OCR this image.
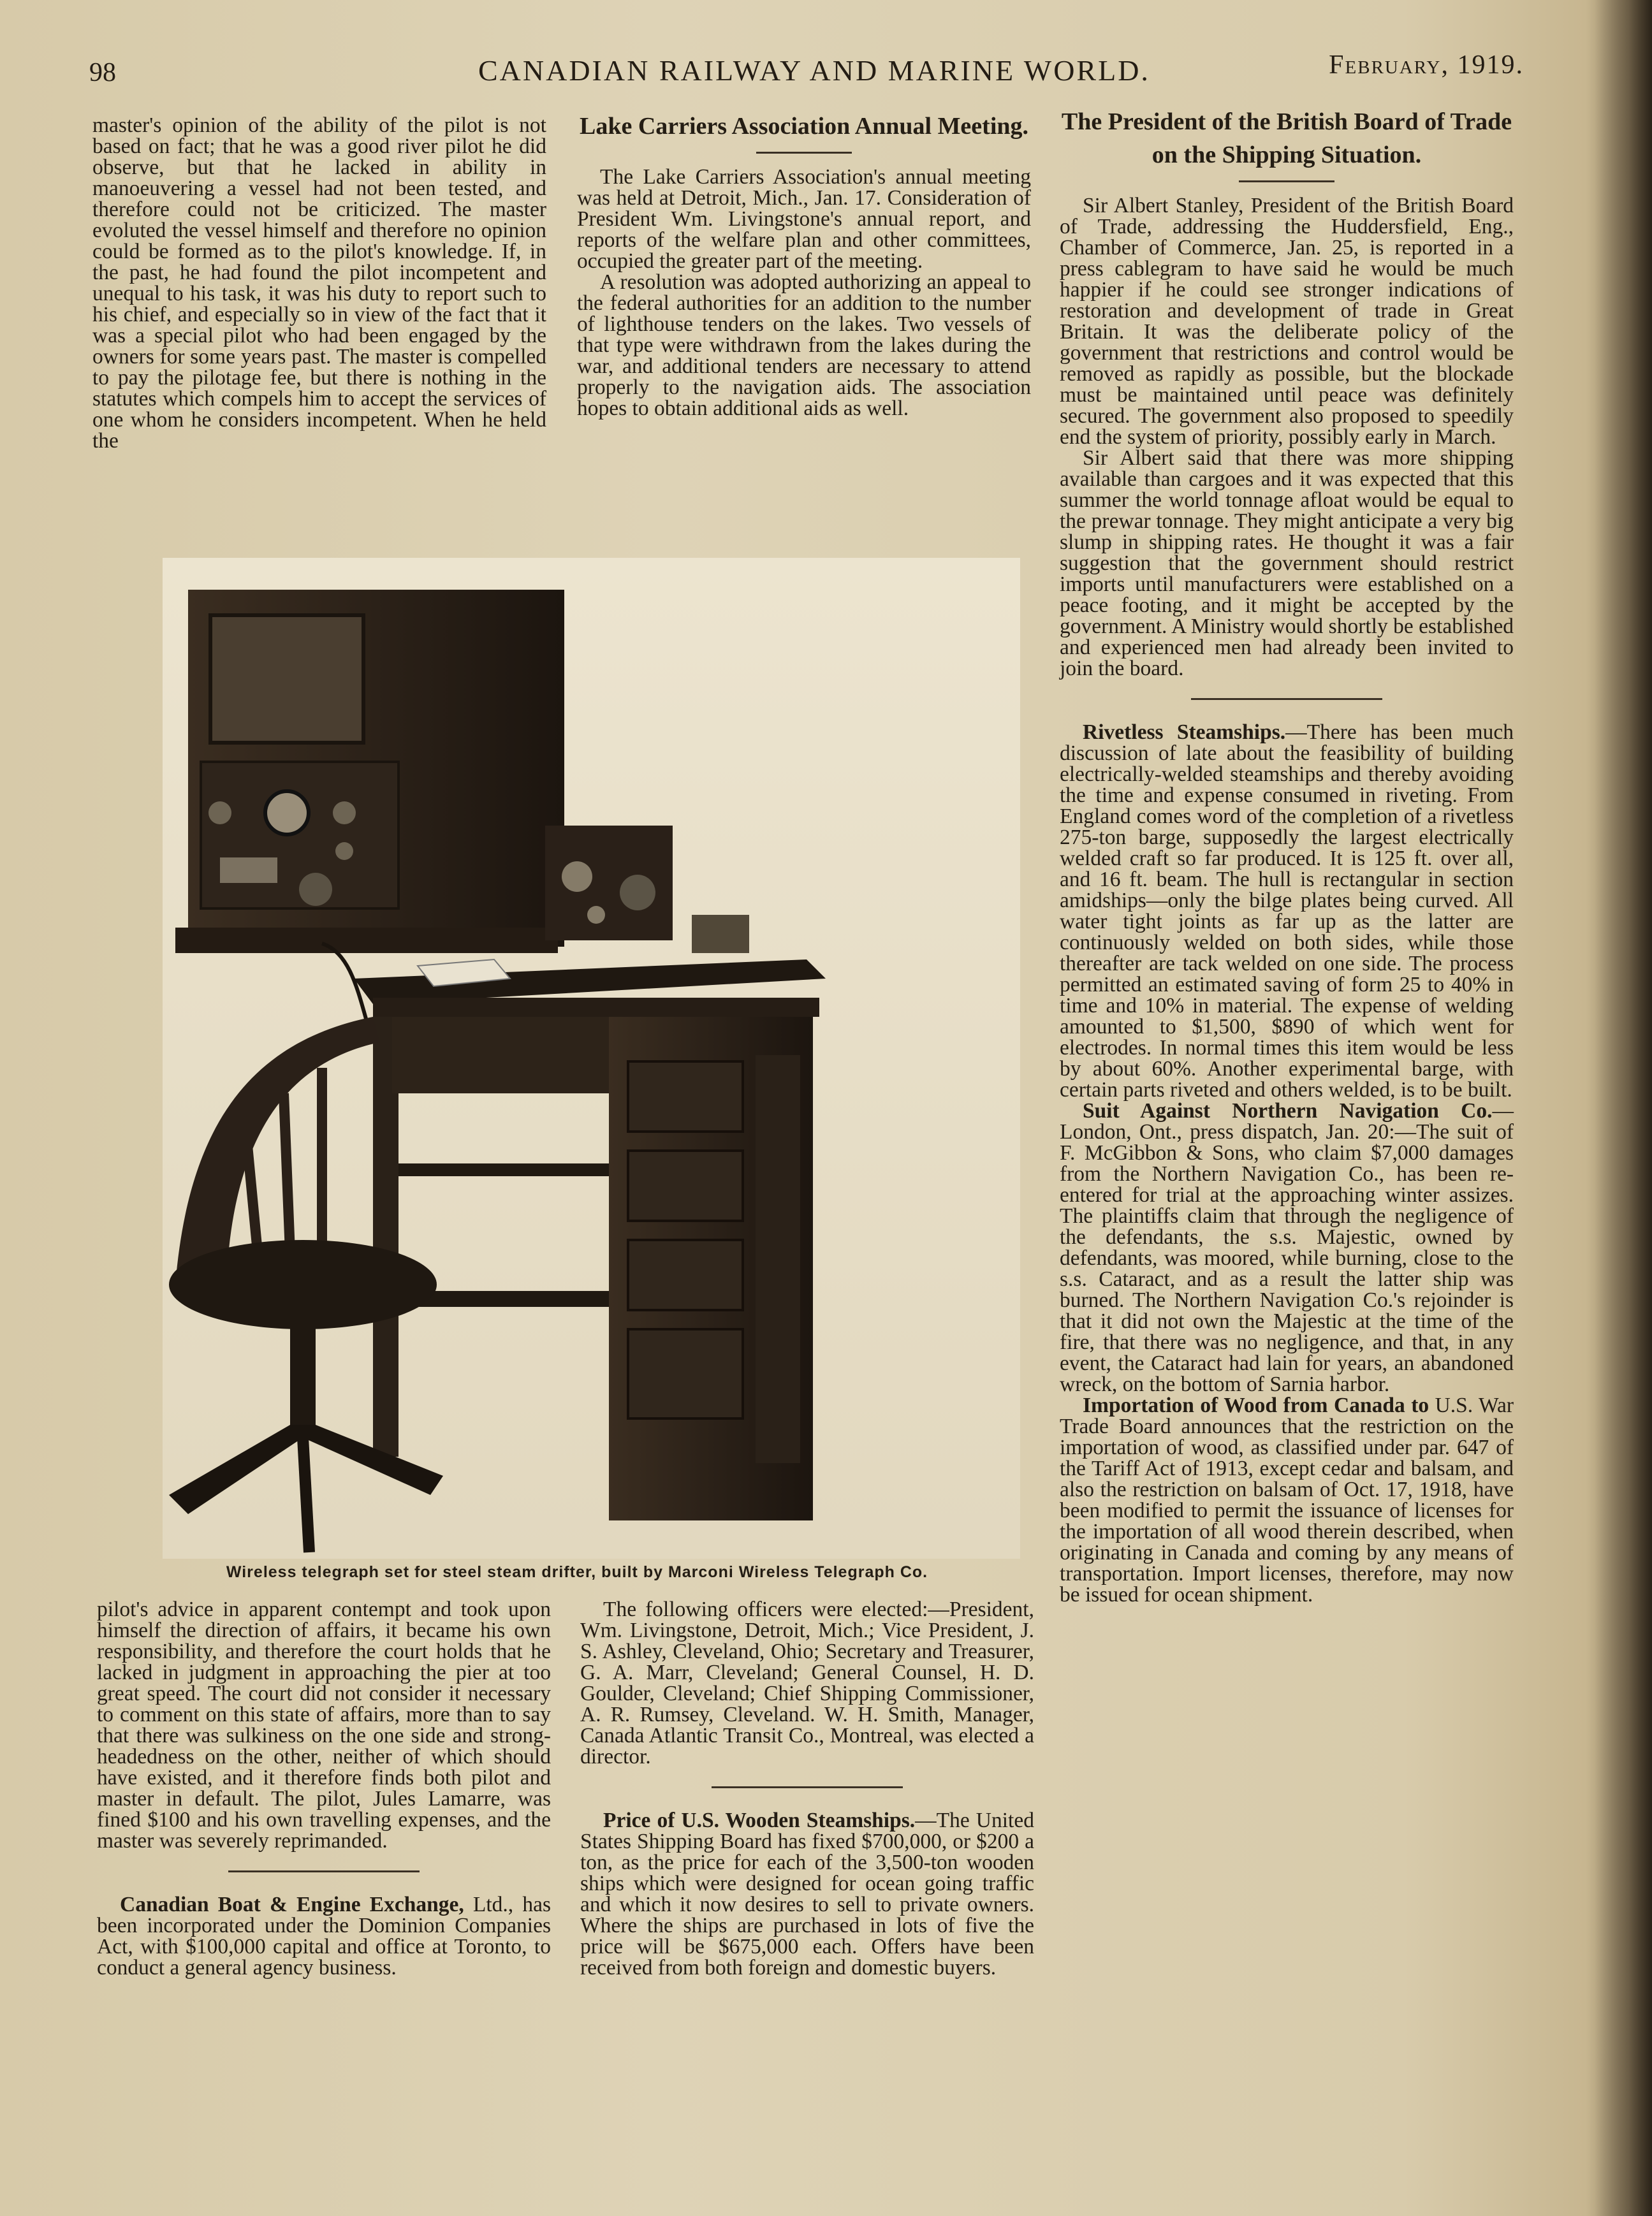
98	CANADIAN RAILWAY AND MARINE WORLD.	February, 1919.

master's opinion of the ability of the pilot is not based on fact; that he was a good river pilot he did observe, but that he lacked in ability in manoeuvering a vessel had not been tested, and therefore could not be criticized. The master evoluted the vessel himself and therefore no opinion could be formed as to the pilot's knowledge. If, in the past, he had found the pilot incompetent and unequal to his task, it was his duty to report such to his chief, and especially so in view of the fact that it was a special pilot who had been engaged by the owners for some years past. The master is compelled to pay the pilotage fee, but there is nothing in the statutes which compels him to accept the services of one whom he considers incompetent. When he held the

Lake Carriers Association Annual Meeting.

The Lake Carriers Association's annual meeting was held at Detroit, Mich., Jan. 17. Consideration of President Wm. Livingstone's annual report, and reports of the welfare plan and other committees, occupied the greater part of the meeting.

A resolution was adopted authorizing an appeal to the federal authorities for an addition to the number of lighthouse tenders on the lakes. Two vessels of that type were withdrawn from the lakes during the war, and additional tenders are necessary to attend properly to the navigation aids. The association hopes to obtain additional aids as well.

The President of the British Board of Trade on the Shipping Situation.

Sir Albert Stanley, President of the British Board of Trade, addressing the Huddersfield, Eng., Chamber of Commerce, Jan. 25, is reported in a press cablegram to have said he would be much happier if he could see stronger indications of restoration and development of trade in Great Britain. It was the deliberate policy of the government that restrictions and control would be removed as rapidly as possible, but the blockade must be maintained until peace was definitely secured. The government also proposed to speedily end the system of priority, possibly early in March.

Sir Albert said that there was more shipping available than cargoes and it was expected that this summer the world tonnage afloat would be equal to the prewar tonnage. They might anticipate a very big slump in shipping rates. He thought it was a fair suggestion that the government should restrict imports until manufacturers were established on a peace footing, and it might be accepted by the government. A Ministry would shortly be established and experienced men had already been invited to join the board.

Rivetless Steamships.—There has been much discussion of late about the feasibility of building electrically-welded steamships and thereby avoiding the time and expense consumed in riveting. From England comes word of the completion of a rivetless 275-ton barge, supposedly the largest electrically welded craft so far produced. It is 125 ft. over all, and 16 ft. beam. The hull is rectangular in section amidships—only the bilge plates being curved. All water tight joints as far up as the latter are continuously welded on both sides, while those thereafter are tack welded on one side. The process permitted an estimated saving of form 25 to 40% in time and 10% in material. The expense of welding amounted to $1,500, $890 of which went for electrodes. In normal times this item would be less by about 60%. Another experimental barge, with certain parts riveted and others welded, is to be built.

Suit Against Northern Navigation Co.—London, Ont., press dispatch, Jan. 20:—The suit of F. McGibbon & Sons, who claim $7,000 damages from the Northern Navigation Co., has been re-entered for trial at the approaching winter assizes. The plaintiffs claim that through the negligence of the defendants, the s.s. Majestic, owned by defendants, was moored, while burning, close to the s.s. Cataract, and as a result the latter ship was burned. The Northern Navigation Co.'s rejoinder is that it did not own the Majestic at the time of the fire, that there was no negligence, and that, in any event, the Cataract had lain for years, an abandoned wreck, on the bottom of Sarnia harbor.

Importation of Wood from Canada to U.S. War Trade Board announces that the restriction on the importation of wood, as classified under par. 647 of the Tariff Act of 1913, except cedar and balsam, and also the restriction on balsam of Oct. 17, 1918, have been modified to permit the issuance of licenses for the importation of all wood therein described, when originating in Canada and coming by any means of transportation. Import licenses, therefore, may now be issued for ocean shipment.

Wireless telegraph set for steel steam drifter, built by Marconi Wireless Telegraph Co.

pilot's advice in apparent contempt and took upon himself the direction of affairs, it became his own responsibility, and therefore the court holds that he lacked in judgment in approaching the pier at too great speed. The court did not consider it necessary to comment on this state of affairs, more than to say that there was sulkiness on the one side and strong-headedness on the other, neither of which should have existed, and it therefore finds both pilot and master in default. The pilot, Jules Lamarre, was fined $100 and his own travelling expenses, and the master was severely reprimanded.

Canadian Boat & Engine Exchange, Ltd., has been incorporated under the Dominion Companies Act, with $100,000 capital and office at Toronto, to conduct a general agency business.

The following officers were elected:—President, Wm. Livingstone, Detroit, Mich.; Vice President, J. S. Ashley, Cleveland, Ohio; Secretary and Treasurer, G. A. Marr, Cleveland; General Counsel, H. D. Goulder, Cleveland; Chief Shipping Commissioner, A. R. Rumsey, Cleveland. W. H. Smith, Manager, Canada Atlantic Transit Co., Montreal, was elected a director.

Price of U.S. Wooden Steamships.—The United States Shipping Board has fixed $700,000, or $200 a ton, as the price for each of the 3,500-ton wooden ships which were designed for ocean going traffic and which it now desires to sell to private owners. Where the ships are purchased in lots of five the price will be $675,000 each. Offers have been received from both foreign and domestic buyers.
